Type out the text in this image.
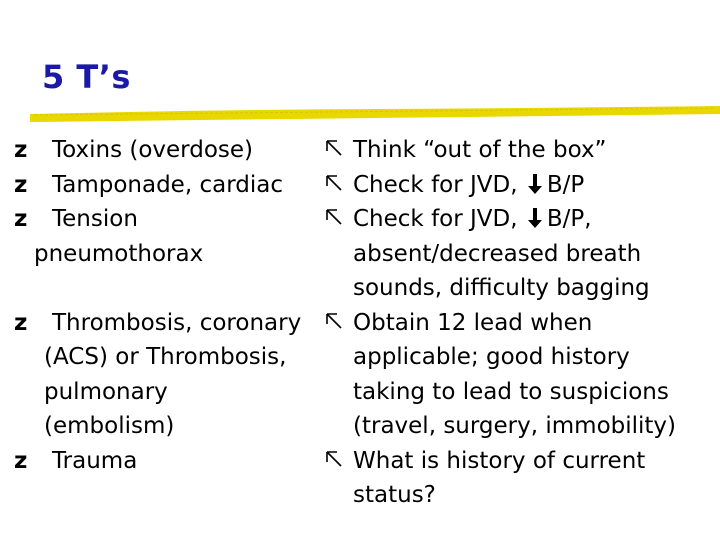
5 T’s
z Toxins (overdose)
z Tamponade, cardiac
z Tension
pneumothorax

z Thrombosis, coronary
(ACS) or Thrombosis,
pulmonary
(embolism)
z Trauma
Think “out of the box”
Check for JVD, B/P
Check for JVD, B/P,
absent/decreased breath
sounds, difficulty bagging
Obtain 12 lead when
applicable; good history
taking to lead to suspicions
(travel, surgery, immobility)
What is history of current
status?
